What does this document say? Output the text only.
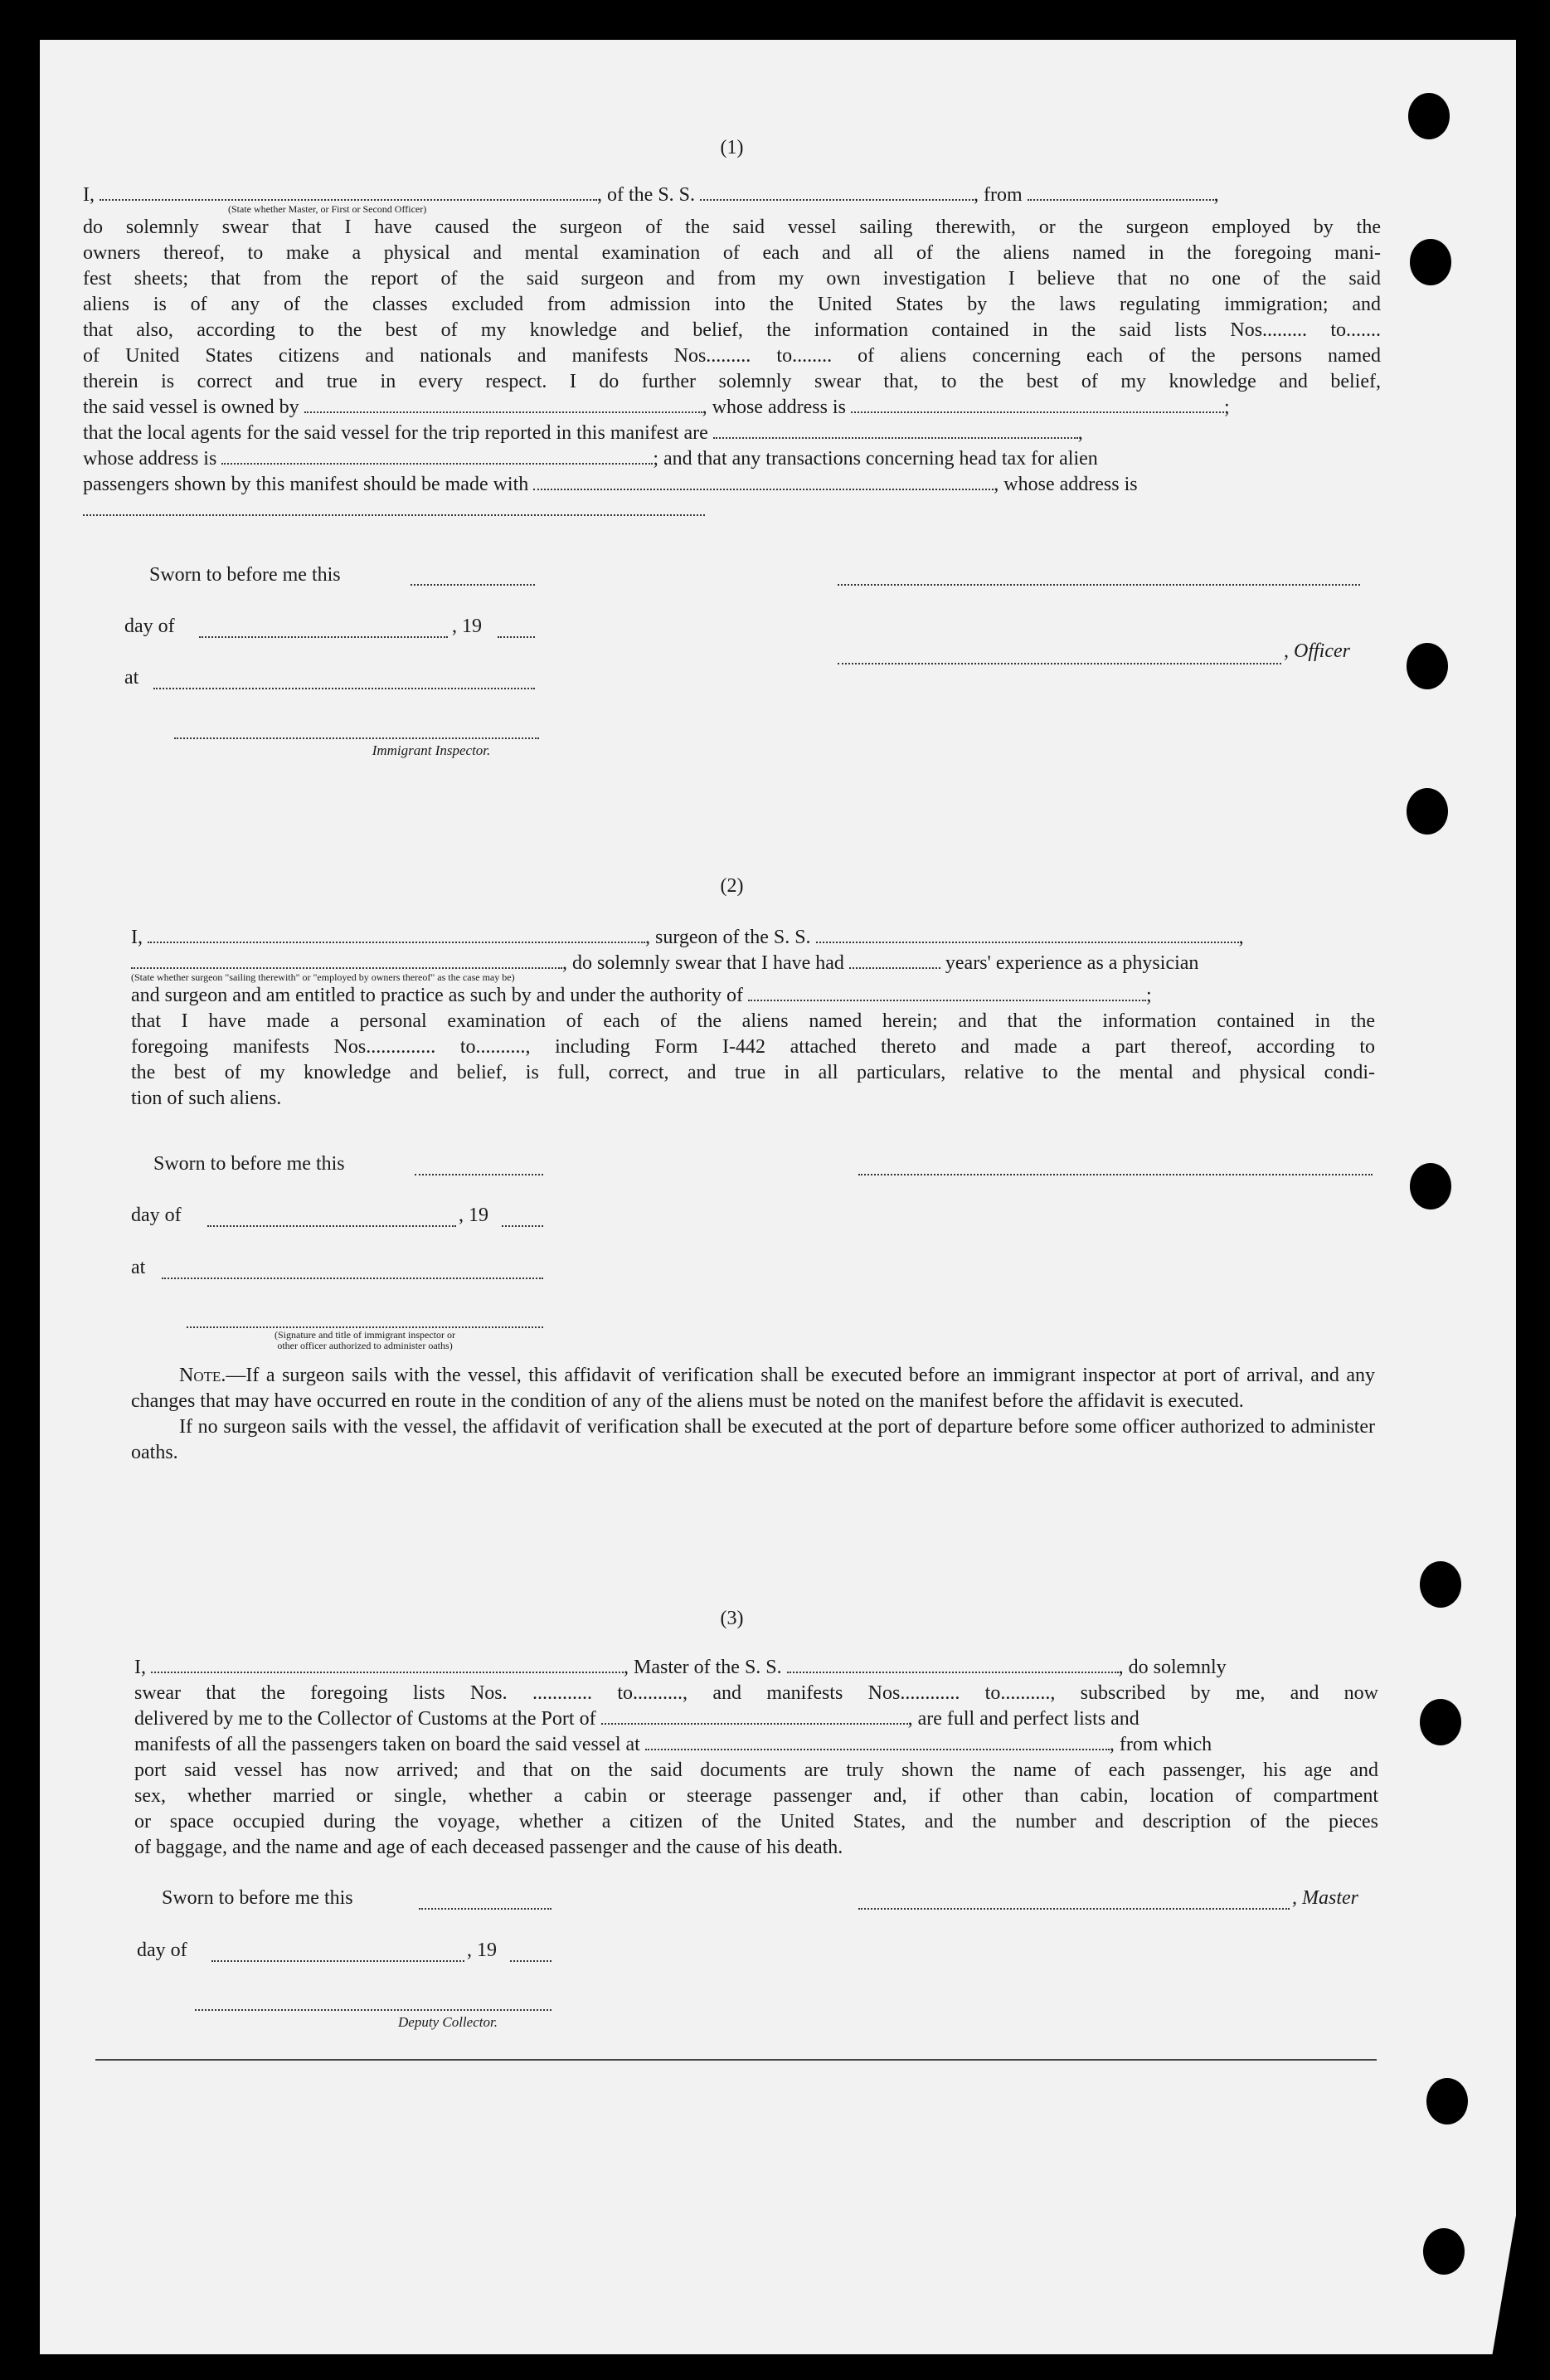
(1)
I,	, of the S. S.	, from	,
(State whether Master, or First or Second Officer)
do solemnly swear that I have caused the surgeon of the said vessel sailing therewith, or the surgeon employed by the
owners thereof, to make a physical and mental examination of each and all of the aliens named in the foregoing mani-
fest sheets; that from the report of the said surgeon and from my own investigation I believe that no one of the said
aliens is of any of the classes excluded from admission into the United States by the laws regulating immigration; and
that also, according to the best of my knowledge and belief, the information contained in the said lists Nos......... to.......
of United States citizens and nationals and manifests Nos......... to........ of aliens concerning each of the persons named
therein is correct and true in every respect. I do further solemnly swear that, to the best of my knowledge and belief,
the said vessel is owned by	, whose address is	;
that the local agents for the said vessel for the trip reported in this manifest are	,
whose address is	; and that any transactions concerning head tax for alien
passengers shown by this manifest should be made with	, whose address is
Sworn to before me this
day of	, 19
, Officer
at
Immigrant Inspector.
(2)
I,	, surgeon of the S. S.	,
, do solemnly swear that I have had	years' experience as a physician
(State whether surgeon "sailing therewith" or "employed by owners thereof" as the case may be)
and surgeon and am entitled to practice as such by and under the authority of	;
that I have made a personal examination of each of the aliens named herein; and that the information contained in the
foregoing manifests Nos.............. to.........., including Form I-442 attached thereto and made a part thereof, according to
the best of my knowledge and belief, is full, correct, and true in all particulars, relative to the mental and physical condi-
tion of such aliens.
Sworn to before me this
day of	, 19
at
(Signature and title of immigrant inspector or
other officer authorized to administer oaths)

Note.—If a surgeon sails with the vessel, this affidavit of verification shall be executed before an immigrant inspector at port of arrival, and any changes that may have occurred en route in the condition of any of the aliens must be noted on the manifest before the affidavit is executed.

If no surgeon sails with the vessel, the affidavit of verification shall be executed at the port of departure before some officer authorized to administer oaths.

(3)
I,	, Master of the S. S.	, do solemnly
swear that the foregoing lists Nos. ............ to.........., and manifests Nos............ to.........., subscribed by me, and now
delivered by me to the Collector of Customs at the Port of	, are full and perfect lists and
manifests of all the passengers taken on board the said vessel at	, from which
port said vessel has now arrived; and that on the said documents are truly shown the name of each passenger, his age and
sex, whether married or single, whether a cabin or steerage passenger and, if other than cabin, location of compartment
or space occupied during the voyage, whether a citizen of the United States, and the number and description of the pieces
of baggage, and the name and age of each deceased passenger and the cause of his death.
Sworn to before me this	, Master
day of	, 19
Deputy Collector.
